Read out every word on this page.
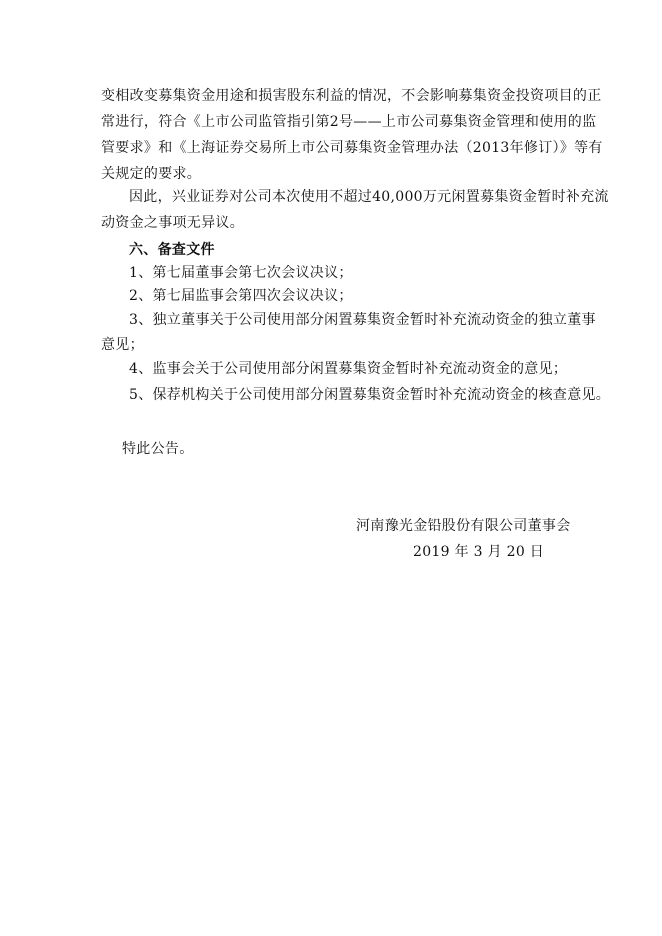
变相改变募集资金用途和损害股东利益的情况，不会影响募集资金投资项目的正
常进行，符合《上市公司监管指引第2号——上市公司募集资金管理和使用的监
管要求》和《上海证券交易所上市公司募集资金管理办法（2013年修订）》等有
关规定的要求。
因此，兴业证券对公司本次使用不超过40,000万元闲置募集资金暂时补充流
动资金之事项无异议。
六、备查文件
1、第七届董事会第七次会议决议；
2、第七届监事会第四次会议决议；
3、独立董事关于公司使用部分闲置募集资金暂时补充流动资金的独立董事
意见；
4、监事会关于公司使用部分闲置募集资金暂时补充流动资金的意见；
5、保荐机构关于公司使用部分闲置募集资金暂时补充流动资金的核查意见。
特此公告。
河南豫光金铅股份有限公司董事会
2019 年 3 月 20 日
